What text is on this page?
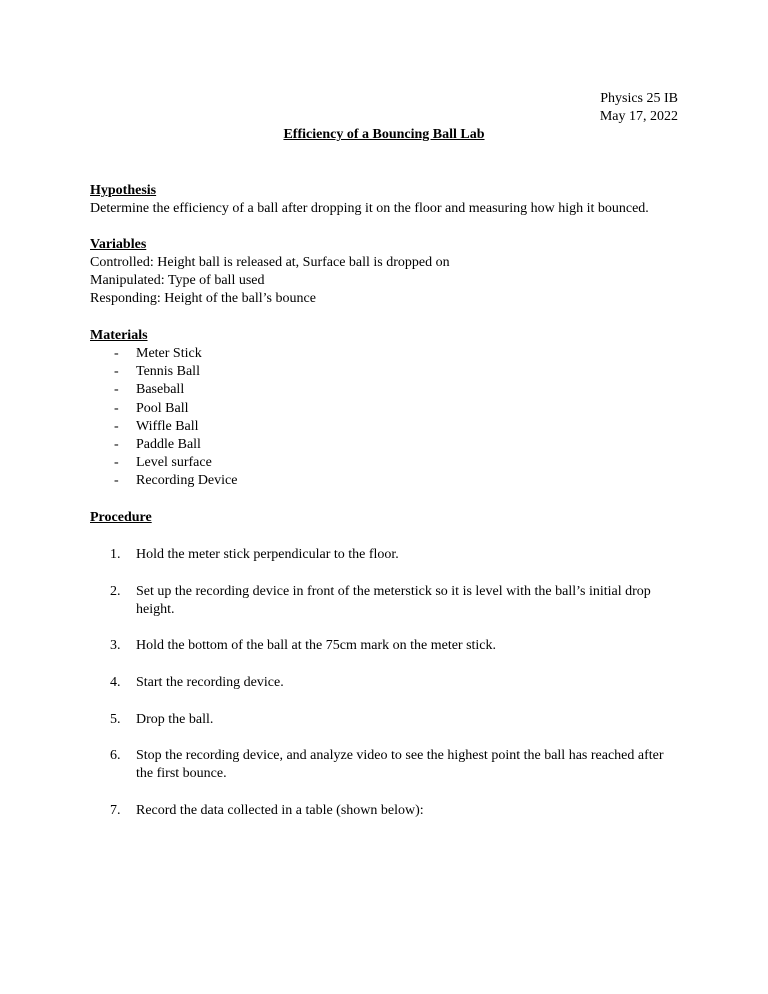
Physics 25 IB
May 17, 2022
Efficiency of a Bouncing Ball Lab
Hypothesis
Determine the efficiency of a ball after dropping it on the floor and measuring how high it bounced.
Variables
Controlled: Height ball is released at, Surface ball is dropped on
Manipulated: Type of ball used
Responding: Height of the ball’s bounce
Materials
- Meter Stick
- Tennis Ball
- Baseball
- Pool Ball
- Wiffle Ball
- Paddle Ball
- Level surface
- Recording Device
Procedure
1. Hold the meter stick perpendicular to the floor.
2. Set up the recording device in front of the meterstick so it is level with the ball’s initial drop height.
3. Hold the bottom of the ball at the 75cm mark on the meter stick.
4. Start the recording device.
5. Drop the ball.
6. Stop the recording device, and analyze video to see the highest point the ball has reached after the first bounce.
7. Record the data collected in a table (shown below):
